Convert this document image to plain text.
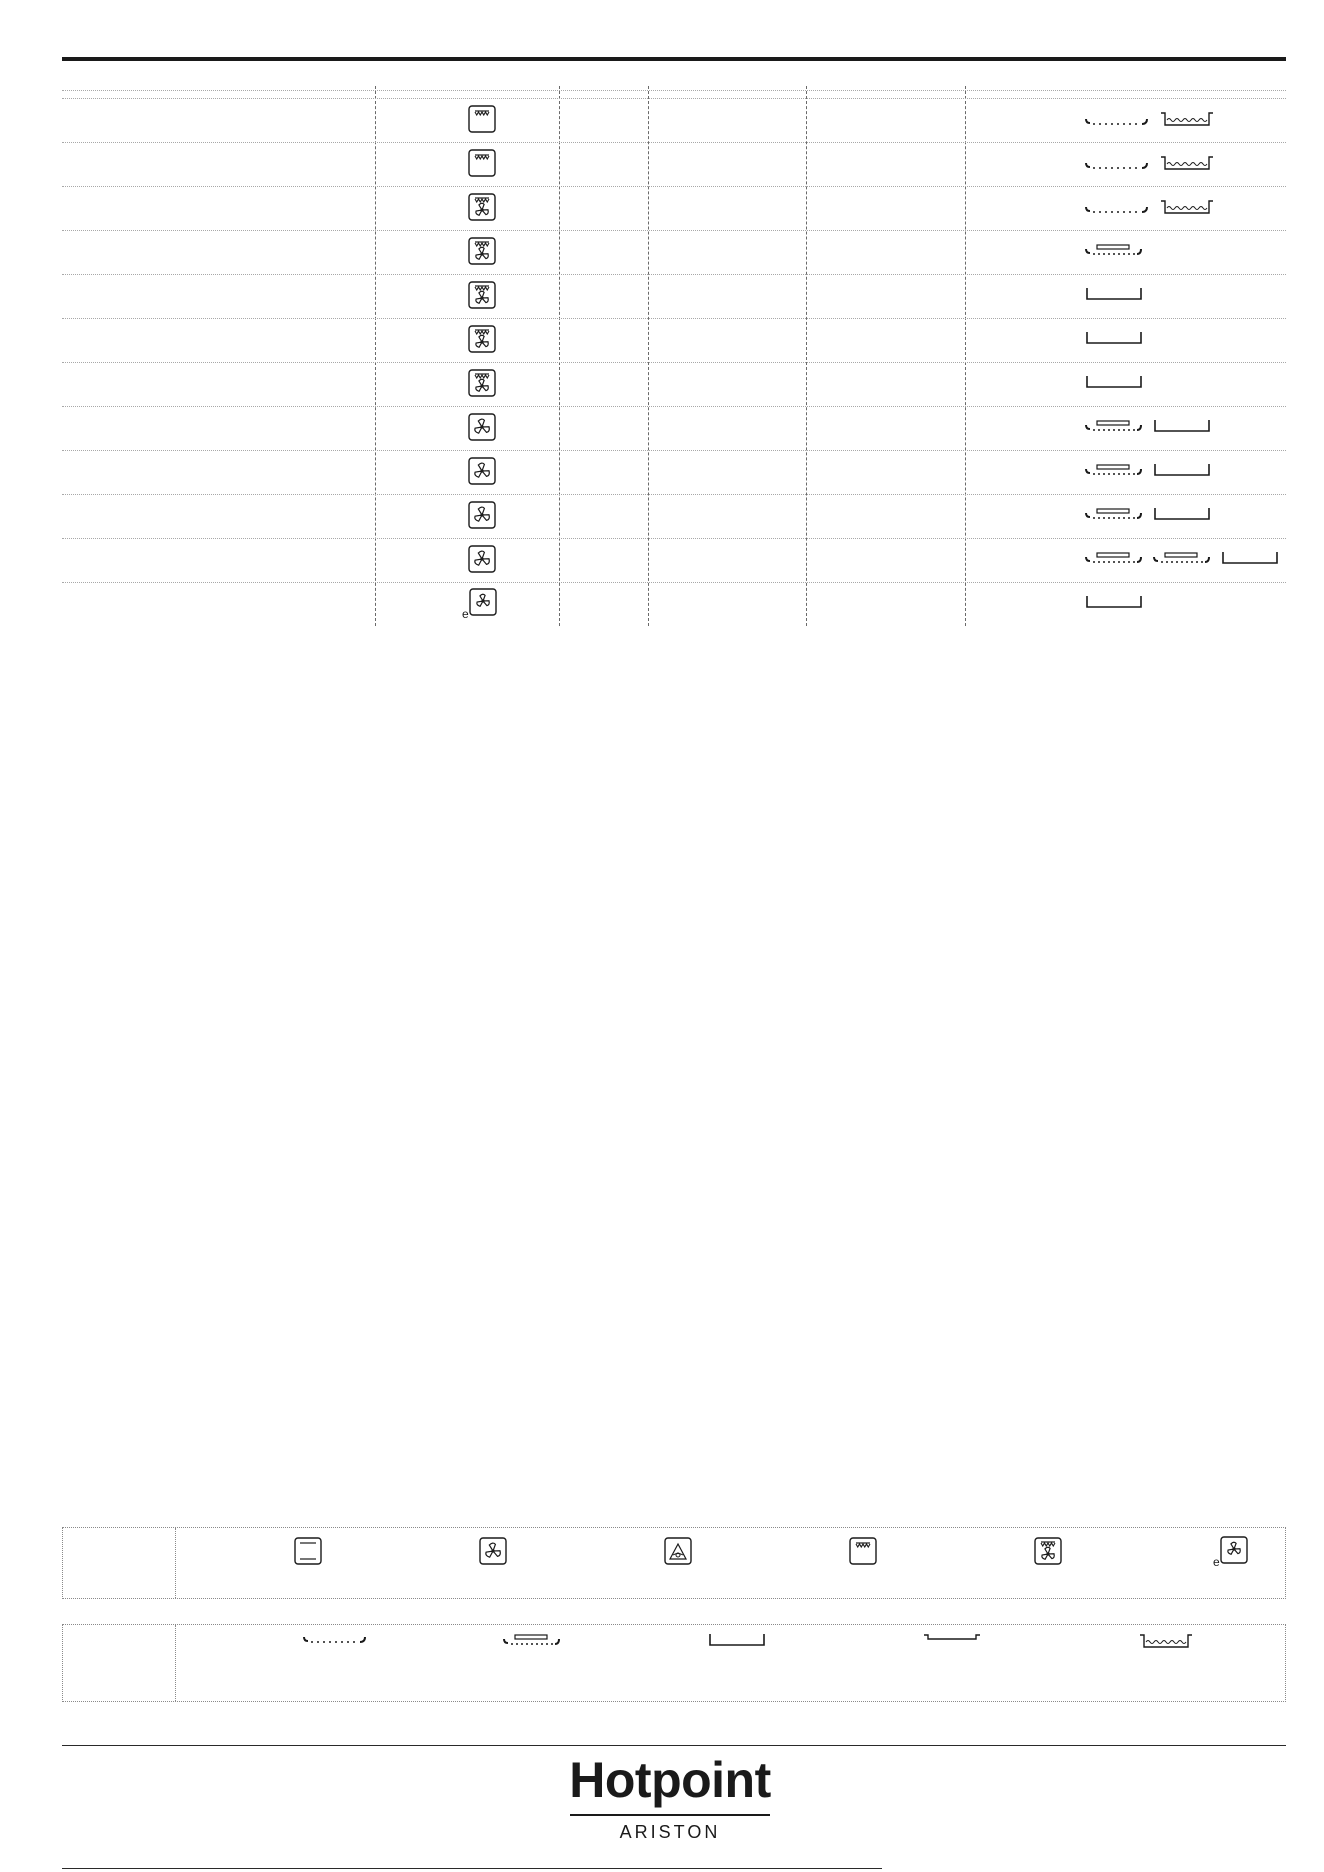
e
e
Hotpoint
ARISTON
